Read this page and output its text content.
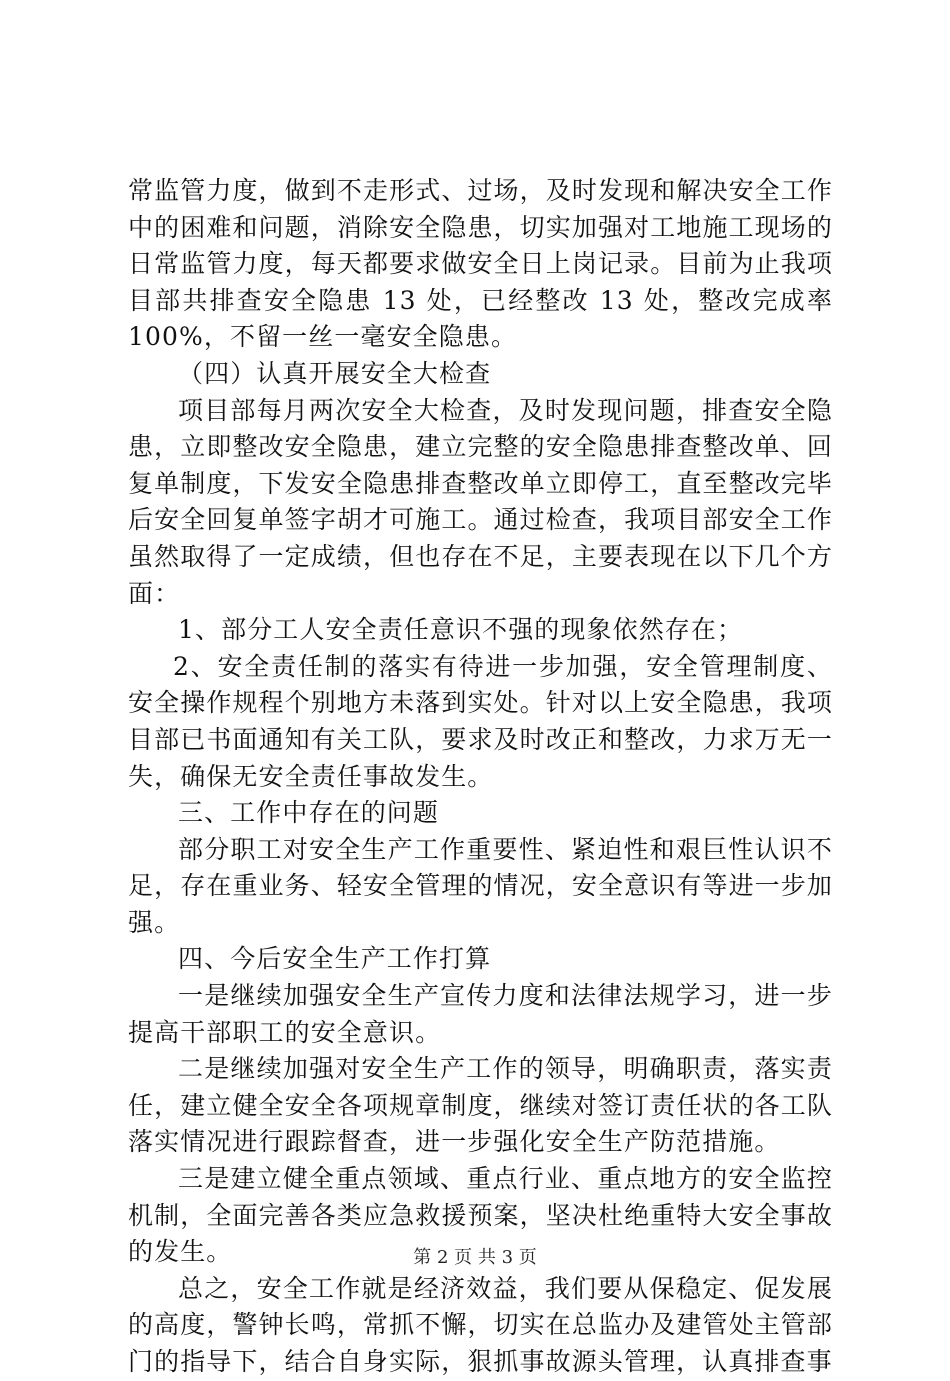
常监管力度，做到不走形式、过场，及时发现和解决安全工作中的困难和问题，消除安全隐患，切实加强对工地施工现场的日常监管力度，每天都要求做安全日上岗记录。目前为止我项目部共排查安全隐患 13 处，已经整改 13 处，整改完成率100%，不留一丝一毫安全隐患。

（四）认真开展安全大检查

项目部每月两次安全大检查，及时发现问题，排查安全隐患，立即整改安全隐患，建立完整的安全隐患排查整改单、回复单制度，下发安全隐患排查整改单立即停工，直至整改完毕后安全回复单签字胡才可施工。通过检查，我项目部安全工作虽然取得了一定成绩，但也存在不足，主要表现在以下几个方面：

1、部分工人安全责任意识不强的现象依然存在；

2、安全责任制的落实有待进一步加强，安全管理制度、安全操作规程个别地方未落到实处。针对以上安全隐患，我项目部已书面通知有关工队，要求及时改正和整改，力求万无一失，确保无安全责任事故发生。

三、工作中存在的问题

部分职工对安全生产工作重要性、紧迫性和艰巨性认识不足，存在重业务、轻安全管理的情况，安全意识有等进一步加强。

四、今后安全生产工作打算

一是继续加强安全生产宣传力度和法律法规学习，进一步提高干部职工的安全意识。

二是继续加强对安全生产工作的领导，明确职责，落实责任，建立健全安全各项规章制度，继续对签订责任状的各工队落实情况进行跟踪督查，进一步强化安全生产防范措施。

三是建立健全重点领域、重点行业、重点地方的安全监控机制，全面完善各类应急救援预案，坚决杜绝重特大安全事故的发生。

总之，安全工作就是经济效益，我们要从保稳定、促发展的高度，警钟长鸣，常抓不懈，切实在总监办及建管处主管部门的指导下，结合自身实际，狠抓事故源头管理，认真排查事

第 2 页 共 3 页
